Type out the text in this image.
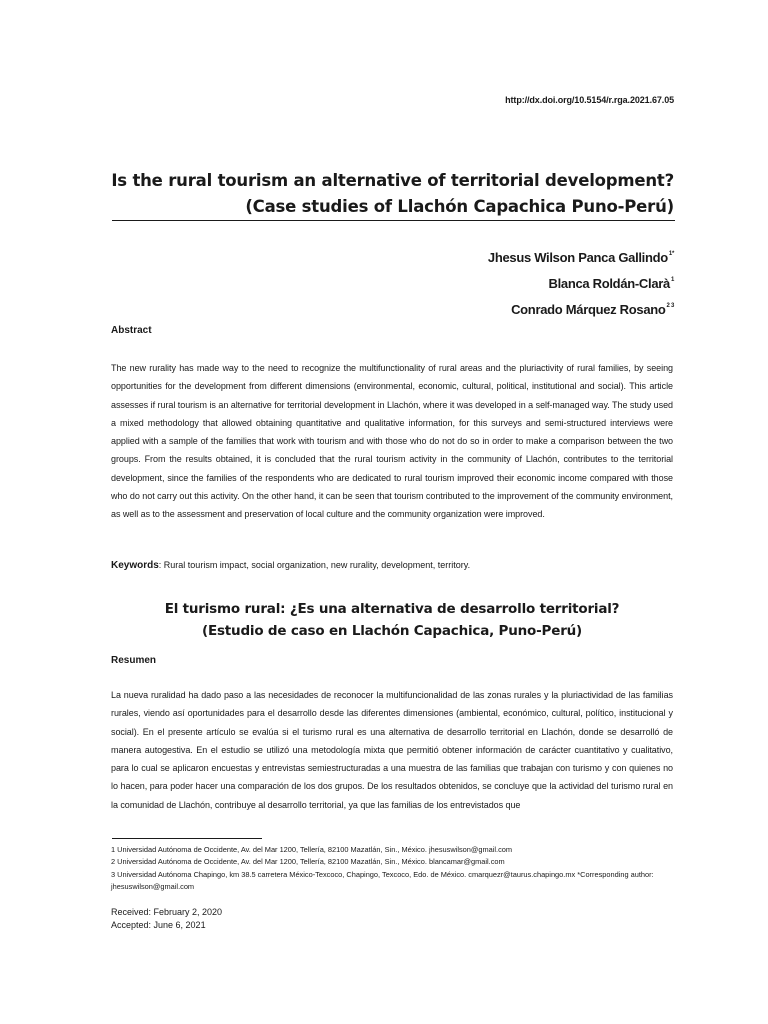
http://dx.doi.org/10.5154/r.rga.2021.67.05
Is the rural tourism an alternative of territorial development?
(Case studies of Llachón Capachica Puno-Perú)
Jhesus Wilson Panca Gallindo$^{1*}$
Blanca Roldán-Clarà$^1$
Conrado Márquez Rosano$^{2 3}$
Abstract
The new rurality has made way to the need to recognize the multifunctionality of rural areas and the pluriactivity of rural families, by seeing opportunities for the development from different dimensions (environmental, economic, cultural, political, institutional and social). This article assesses if rural tourism is an alternative for territorial development in Llachón, where it was developed in a self-managed way. The study used a mixed methodology that allowed obtaining quantitative and qualitative information, for this surveys and semi-structured interviews were applied with a sample of the families that work with tourism and with those who do not do so in order to make a comparison between the two groups. From the results obtained, it is concluded that the rural tourism activity in the community of Llachón, contributes to the territorial development, since the families of the respondents who are dedicated to rural tourism improved their economic income compared with those who do not carry out this activity. On the other hand, it can be seen that tourism contributed to the improvement of the community environment, as well as to the assessment and preservation of local culture and the community organization were improved.
Keywords: Rural tourism impact, social organization, new rurality, development, territory.
El turismo rural: ¿Es una alternativa de desarrollo territorial?
(Estudio de caso en Llachón Capachica, Puno-Perú)
Resumen
La nueva ruralidad ha dado paso a las necesidades de reconocer la multifuncionalidad de las zonas rurales y la pluriactividad de las familias rurales, viendo así oportunidades para el desarrollo desde las diferentes dimensiones (ambiental, económico, cultural, político, institucional y social). En el presente artículo se evalúa si el turismo rural es una alternativa de desarrollo territorial en Llachón, donde se desarrolló de manera autogestiva. En el estudio se utilizó una metodología mixta que permitió obtener información de carácter cuantitativo y cualitativo, para lo cual se aplicaron encuestas y entrevistas semiestructuradas a una muestra de las familias que trabajan con turismo y con quienes no lo hacen, para poder hacer una comparación de los dos grupos. De los resultados obtenidos, se concluye que la actividad del turismo rural en la comunidad de Llachón, contribuye al desarrollo territorial, ya que las familias de los entrevistados que
1 Universidad Autónoma de Occidente, Av. del Mar 1200, Tellería, 82100 Mazatlán, Sin., México. jhesuswilson@gmail.com
2 Universidad Autónoma de Occidente, Av. del Mar 1200, Tellería, 82100 Mazatlán, Sin., México. blancamar@gmail.com
3 Universidad Autónoma Chapingo, km 38.5 carretera México-Texcoco, Chapingo, Texcoco, Edo. de México. cmarquezr@taurus.chapingo.mx *Corresponding author: jhesuswilson@gmail.com
Received: February 2, 2020
Accepted: June 6, 2021
